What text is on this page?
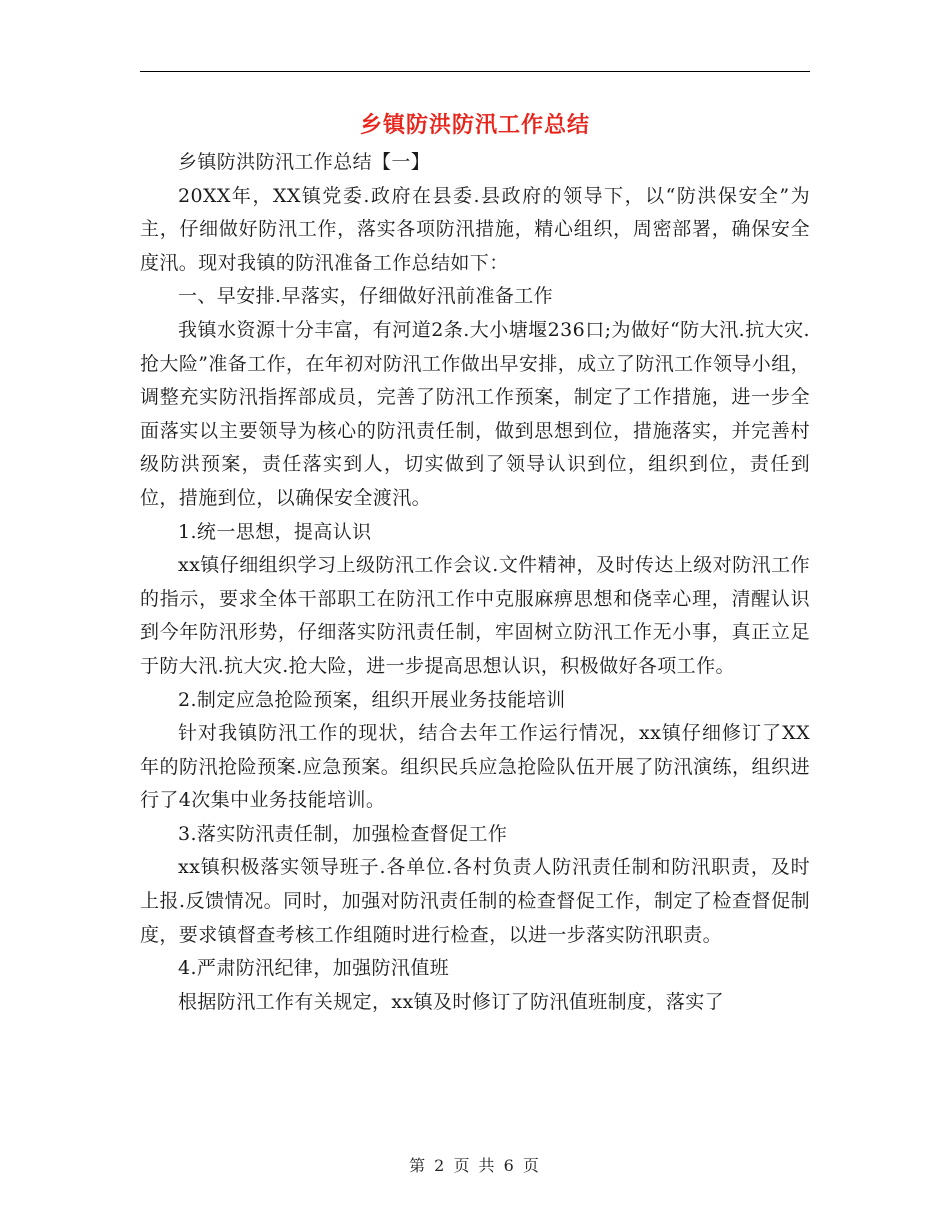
乡镇防洪防汛工作总结

乡镇防洪防汛工作总结【一】

20XX年，XX镇党委.政府在县委.县政府的领导下，以“防洪保安全”为主，仔细做好防汛工作，落实各项防汛措施，精心组织，周密部署，确保安全度汛。现对我镇的防汛准备工作总结如下：

一、早安排.早落实，仔细做好汛前准备工作

我镇水资源十分丰富，有河道2条.大小塘堰236口;为做好“防大汛.抗大灾.抢大险”准备工作，在年初对防汛工作做出早安排，成立了防汛工作领导小组，调整充实防汛指挥部成员，完善了防汛工作预案，制定了工作措施，进一步全面落实以主要领导为核心的防汛责任制，做到思想到位，措施落实，并完善村级防洪预案，责任落实到人，切实做到了领导认识到位，组织到位，责任到位，措施到位，以确保安全渡汛。

1.统一思想，提高认识

xx镇仔细组织学习上级防汛工作会议.文件精神，及时传达上级对防汛工作的指示，要求全体干部职工在防汛工作中克服麻痹思想和侥幸心理，清醒认识到今年防汛形势，仔细落实防汛责任制，牢固树立防汛工作无小事，真正立足于防大汛.抗大灾.抢大险，进一步提高思想认识，积极做好各项工作。

2.制定应急抢险预案，组织开展业务技能培训

针对我镇防汛工作的现状，结合去年工作运行情况，xx镇仔细修订了XX年的防汛抢险预案.应急预案。组织民兵应急抢险队伍开展了防汛演练，组织进行了4次集中业务技能培训。

3.落实防汛责任制，加强检查督促工作

xx镇积极落实领导班子.各单位.各村负责人防汛责任制和防汛职责，及时上报.反馈情况。同时，加强对防汛责任制的检查督促工作，制定了检查督促制度，要求镇督查考核工作组随时进行检查，以进一步落实防汛职责。

4.严肃防汛纪律，加强防汛值班

根据防汛工作有关规定，xx镇及时修订了防汛值班制度，落实了

第 2 页 共 6 页
